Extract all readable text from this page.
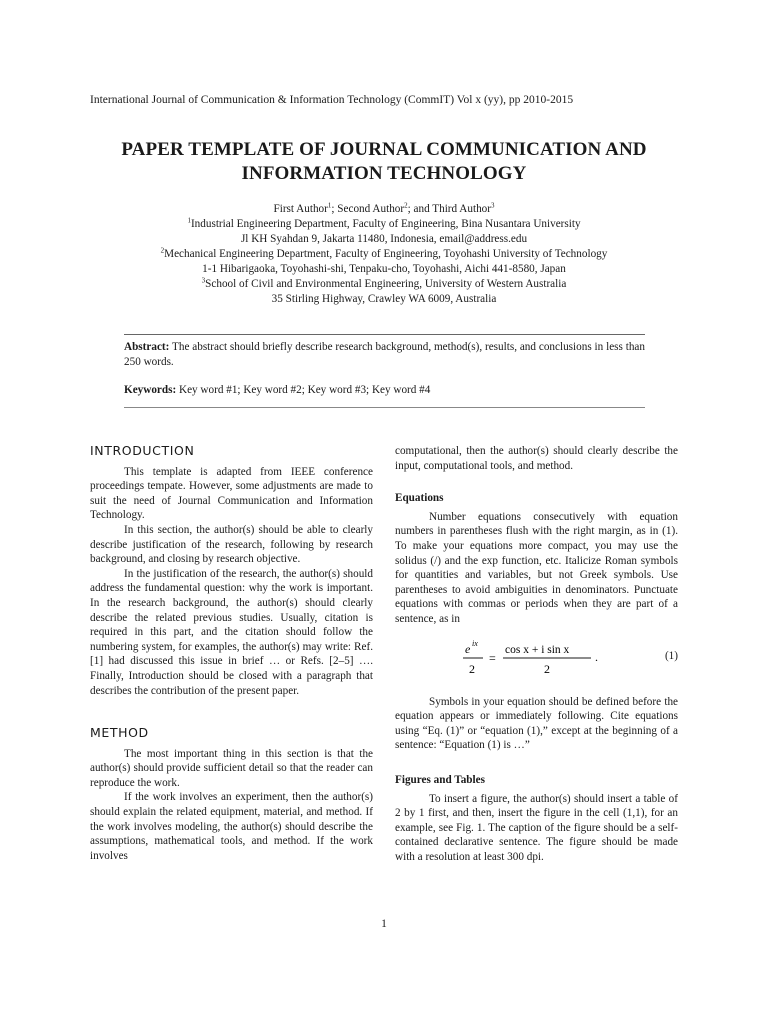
International Journal of Communication & Information Technology (CommIT) Vol x (yy), pp 2010-2015
PAPER TEMPLATE OF JOURNAL COMMUNICATION AND
INFORMATION TECHNOLOGY
First Author$^1$; Second Author$^2$; and Third Author$^3$
$^1$Industrial Engineering Department, Faculty of Engineering, Bina Nusantara University
Jl KH Syahdan 9, Jakarta 11480, Indonesia, email@address.edu
$^2$Mechanical Engineering Department, Faculty of Engineering, Toyohashi University of Technology
1-1 Hibarigaoka, Toyohashi-shi, Tenpaku-cho, Toyohashi, Aichi 441-8580, Japan
$^3$School of Civil and Environmental Engineering, University of Western Australia
35 Stirling Highway, Crawley WA 6009, Australia
Abstract: The abstract should briefly describe research background, method(s), results, and conclusions in less than 250 words.
Keywords: Key word #1; Key word #2; Key word #3; Key word #4
INTRODUCTION

This template is adapted from IEEE conference proceedings tempate. However, some adjustments are made to suit the need of Journal Communication and Information Technology.

In this section, the author(s) should be able to clearly describe justification of the research, following by research background, and closing by research objective.

In the justification of the research, the author(s) should address the fundamental question: why the work is important. In the research background, the author(s) should clearly describe the related previous studies. Usually, citation is required in this part, and the citation should follow the numbering system, for examples, the author(s) may write: Ref. [1] had discussed this issue in brief … or Refs. [2–5] …. Finally, Introduction should be closed with a paragraph that describes the contribution of the present paper.

METHOD

The most important thing in this section is that the author(s) should provide sufficient detail so that the reader can reproduce the work.

If the work involves an experiment, then the author(s) should explain the related equipment, material, and method. If the work involves modeling, the author(s) should describe the assumptions, mathematical tools, and method. If the work involves

computational, then the author(s) should clearly describe the input, computational tools, and method.

Equations

Number equations consecutively with equation numbers in parentheses flush with the right margin, as in (1). To make your equations more compact, you may use the solidus (/) and the exp function, etc. Italicize Roman symbols for quantities and variables, but not Greek symbols. Use parentheses to avoid ambiguities in denominators. Punctuate equations with commas or periods when they are part of a sentence, as in

e ix
2
=
cos x + i sin x
2
.	(1)

Symbols in your equation should be defined before the equation appears or immediately following. Cite equations using “Eq. (1)” or “equation (1),” except at the beginning of a sentence: “Equation (1) is …”

Figures and Tables

To insert a figure, the author(s) should insert a table of 2 by 1 first, and then, insert the figure in the cell (1,1), for an example, see Fig. 1. The caption of the figure should be a self-contained declarative sentence. The figure should be made with a resolution at least 300 dpi.

1
